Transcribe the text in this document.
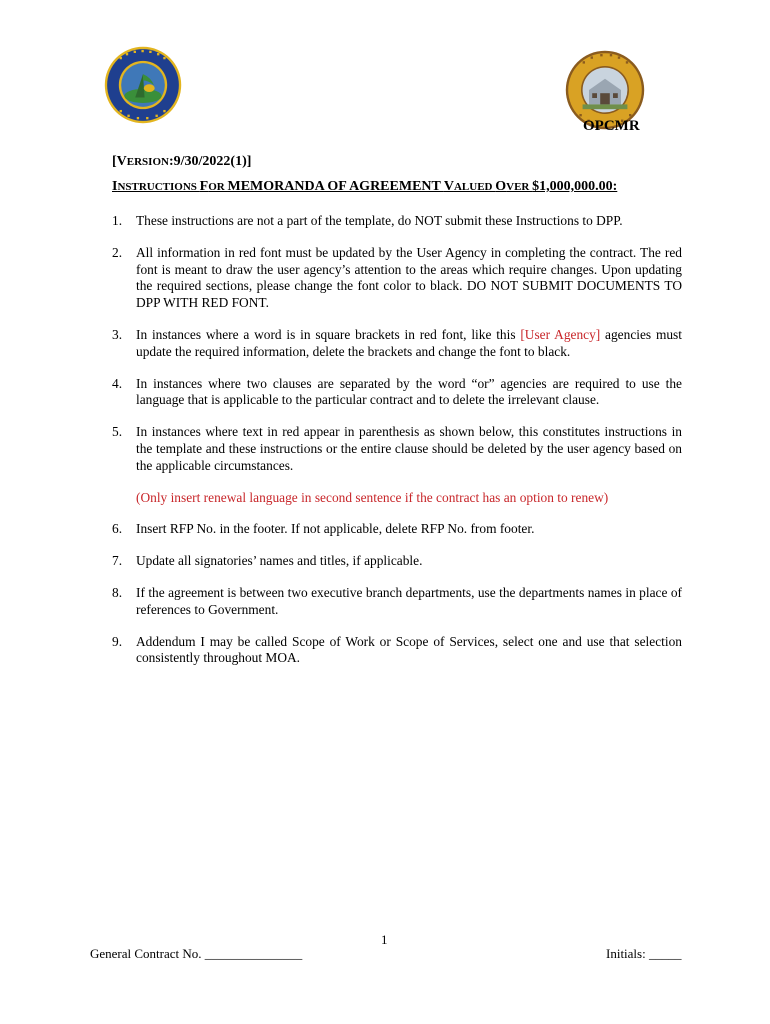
OPCMR
[VERSION:9/30/2022(1)]
INSTRUCTIONS FOR MEMORANDA OF AGREEMENT VALUED OVER $1,000,000.00:
1.	These instructions are not a part of the template, do NOT submit these Instructions to DPP.
2.	All information in red font must be updated by the User Agency in completing the contract. The red font is meant to draw the user agency’s attention to the areas which require changes. Upon updating the required sections, please change the font color to black. DO NOT SUBMIT DOCUMENTS TO DPP WITH RED FONT.
3.	In instances where a word is in square brackets in red font, like this [User Agency] agencies must update the required information, delete the brackets and change the font to black.
4.	In instances where two clauses are separated by the word “or” agencies are required to use the language that is applicable to the particular contract and to delete the irrelevant clause.
5.	In instances where text in red appear in parenthesis as shown below, this constitutes instructions in the template and these instructions or the entire clause should be deleted by the user agency based on the applicable circumstances.
(Only insert renewal language in second sentence if the contract has an option to renew)
6.	Insert RFP No. in the footer. If not applicable, delete RFP No. from footer.
7.	Update all signatories’ names and titles, if applicable.
8.	If the agreement is between two executive branch departments, use the departments names in place of references to Government.
9.	Addendum I may be called Scope of Work or Scope of Services, select one and use that selection consistently throughout MOA.
1
General Contract No. _______________	Initials: _____
